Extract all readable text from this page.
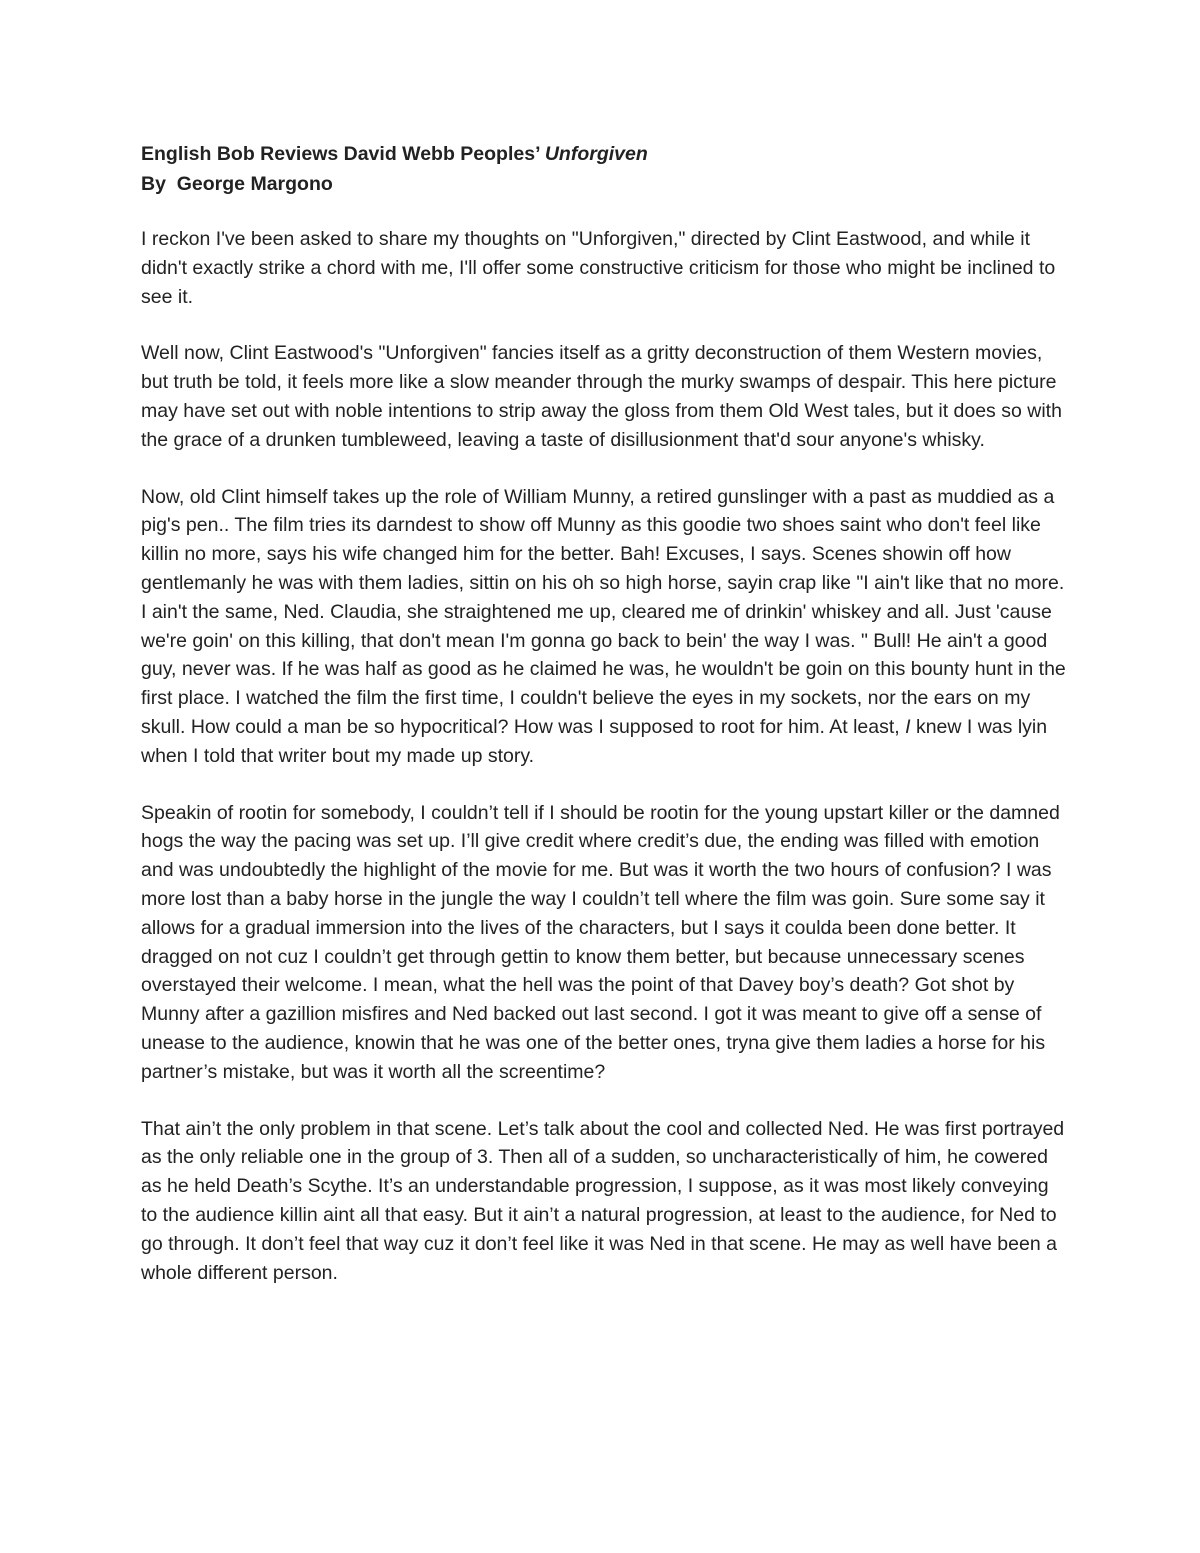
English Bob Reviews David Webb Peoples’ Unforgiven

By  George Margono

I reckon I've been asked to share my thoughts on "Unforgiven," directed by Clint Eastwood, and while it didn't exactly strike a chord with me, I'll offer some constructive criticism for those who might be inclined to see it.

Well now, Clint Eastwood's "Unforgiven" fancies itself as a gritty deconstruction of them Western movies, but truth be told, it feels more like a slow meander through the murky swamps of despair. This here picture may have set out with noble intentions to strip away the gloss from them Old West tales, but it does so with the grace of a drunken tumbleweed, leaving a taste of disillusionment that'd sour anyone's whisky.

Now, old Clint himself takes up the role of William Munny, a retired gunslinger with a past as muddied as a pig's pen.. The film tries its darndest to show off Munny as this goodie two shoes saint who don't feel like killin no more, says his wife changed him for the better. Bah! Excuses, I says. Scenes showin off how gentlemanly he was with them ladies, sittin on his oh so high horse, sayin crap like "I ain't like that no more. I ain't the same, Ned. Claudia, she straightened me up, cleared me of drinkin' whiskey and all. Just 'cause we're goin' on this killing, that don't mean I'm gonna go back to bein' the way I was. " Bull! He ain't a good guy, never was. If he was half as good as he claimed he was, he wouldn't be goin on this bounty hunt in the first place. I watched the film the first time, I couldn't believe the eyes in my sockets, nor the ears on my skull. How could a man be so hypocritical? How was I supposed to root for him. At least, I knew I was lyin when I told that writer bout my made up story.

Speakin of rootin for somebody, I couldn’t tell if I should be rootin for the young upstart killer or the damned hogs the way the pacing was set up. I’ll give credit where credit’s due, the ending was filled with emotion and was undoubtedly the highlight of the movie for me. But was it worth the two hours of confusion? I was more lost than a baby horse in the jungle the way I couldn’t tell where the film was goin. Sure some say it allows for a gradual immersion into the lives of the characters, but I says it coulda been done better. It dragged on not cuz I couldn’t get through gettin to know them better, but because unnecessary scenes overstayed their welcome. I mean, what the hell was the point of that Davey boy’s death? Got shot by Munny after a gazillion misfires and Ned backed out last second. I got it was meant to give off a sense of unease to the audience, knowin that he was one of the better ones, tryna give them ladies a horse for his partner’s mistake, but was it worth all the screentime?

That ain’t the only problem in that scene. Let’s talk about the cool and collected Ned. He was first portrayed as the only reliable one in the group of 3. Then all of a sudden, so uncharacteristically of him, he cowered as he held Death’s Scythe. It’s an understandable progression, I suppose, as it was most likely conveying to the audience killin aint all that easy. But it ain’t a natural progression, at least to the audience, for Ned to go through. It don’t feel that way cuz it don’t feel like it was Ned in that scene. He may as well have been a whole different person.
